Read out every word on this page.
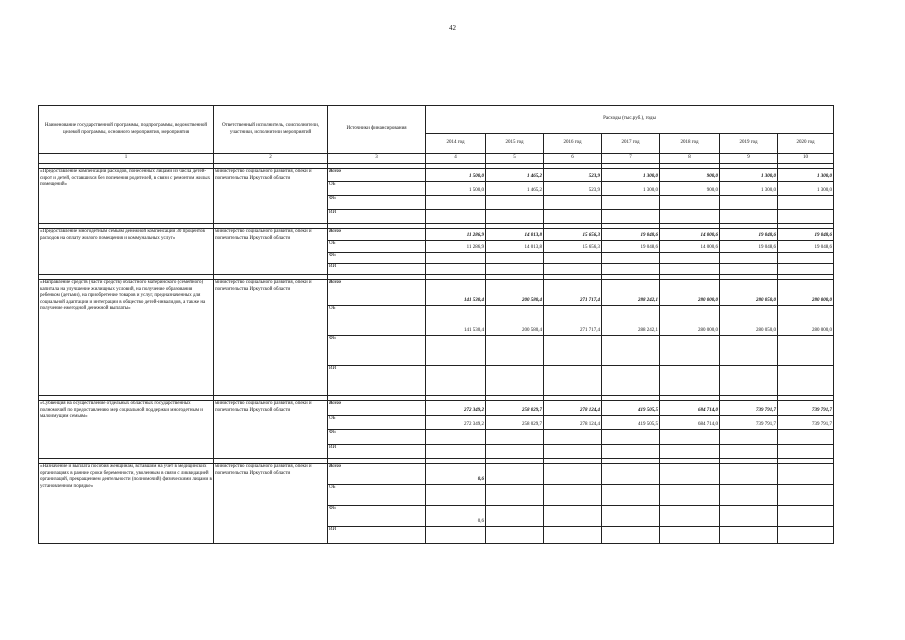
42
Наименование государственной программы, подпрограммы, ведомственной целевой программы, основного мероприятия, мероприятия	Ответственный исполнитель, соисполнители, участники, исполнители мероприятий	Источники финансирования	Расходы (тыс.руб.), годы						
			2014 год	2015 год	2016 год	2017 год	2018 год	2019 год	2020 год
1	2	3	4	5	6	7	8	9	10

«Предоставление компенсации расходов, понесенных лицами из числа детей-сирот и детей, оставшихся без попечения родителей, в связи с ремонтом жилых помещений»	министерство социального развития, опеки и попечительства Иркутской области	Всего	1 500,0	1 465,2	523,9	1 300,0	900,0	1 300,0	1 300,0
		ОБ	1 500,0	1 465,2	523,9	1 300,0	900,0	1 300,0	1 300,0
		ФБ							
		ИИ							

«Предоставление многодетным семьям денежной компенсации 30 процентов расходов на оплату жилого помещения и коммунальных услуг»	министерство социального развития, опеки и попечительства Иркутской области	Всего	11 286,9	14 013,8	15 656,3	19 048,6	14 000,6	19 048,6	19 048,6
		ОБ	11 286,9	14 013,8	15 656,3	19 048,6	14 000,6	19 048,6	19 048,6
		ФБ							
		ИИ							

«Направление средств (части средств) областного материнского (семейного) капитала на улучшение жилищных условий, на получение образования ребенком (детьми), на приобретение товаров и услуг, предназначенных для социальной адаптации и интеграции в общество детей-инвалидов, а также на получение ежегодной денежной выплаты»	министерство социального развития, опеки и попечительства Иркутской области	Всего	141 530,4	200 580,4	271 717,4	288 242,1	280 000,0	280 050,0	280 000,0
		ОБ	141 530,4	200 580,4	271 717,4	288 242,1	280 000,0	280 050,0	280 000,0
		ФБ							
		ИИ							

«Субвенция на осуществление отдельных областных государственных полномочий по предоставлению мер социальной поддержки многодетным и малоимущим семьям»	министерство социального развития, опеки и попечительства Иркутской области	Всего	272 349,2	258 029,7	278 124,4	419 505,5	684 714,0	739 791,7	739 791,7
		ОБ	272 349,2	258 029,7	278 124,4	419 505,5	684 714,0	739 791,7	739 791,7
		ФБ							
		ИИ							

«Назначение и выплата пособия женщинам, вставшим на учет в медицинских организациях в ранние сроки беременности, уволенным в связи с ликвидацией организаций, прекращением деятельности (полномочий) физическими лицами в установленном порядке»	министерство социального развития, опеки и попечительства Иркутской области	Всего	0,6						
		ОБ							
		ФБ	0,6						
		ИИ							
